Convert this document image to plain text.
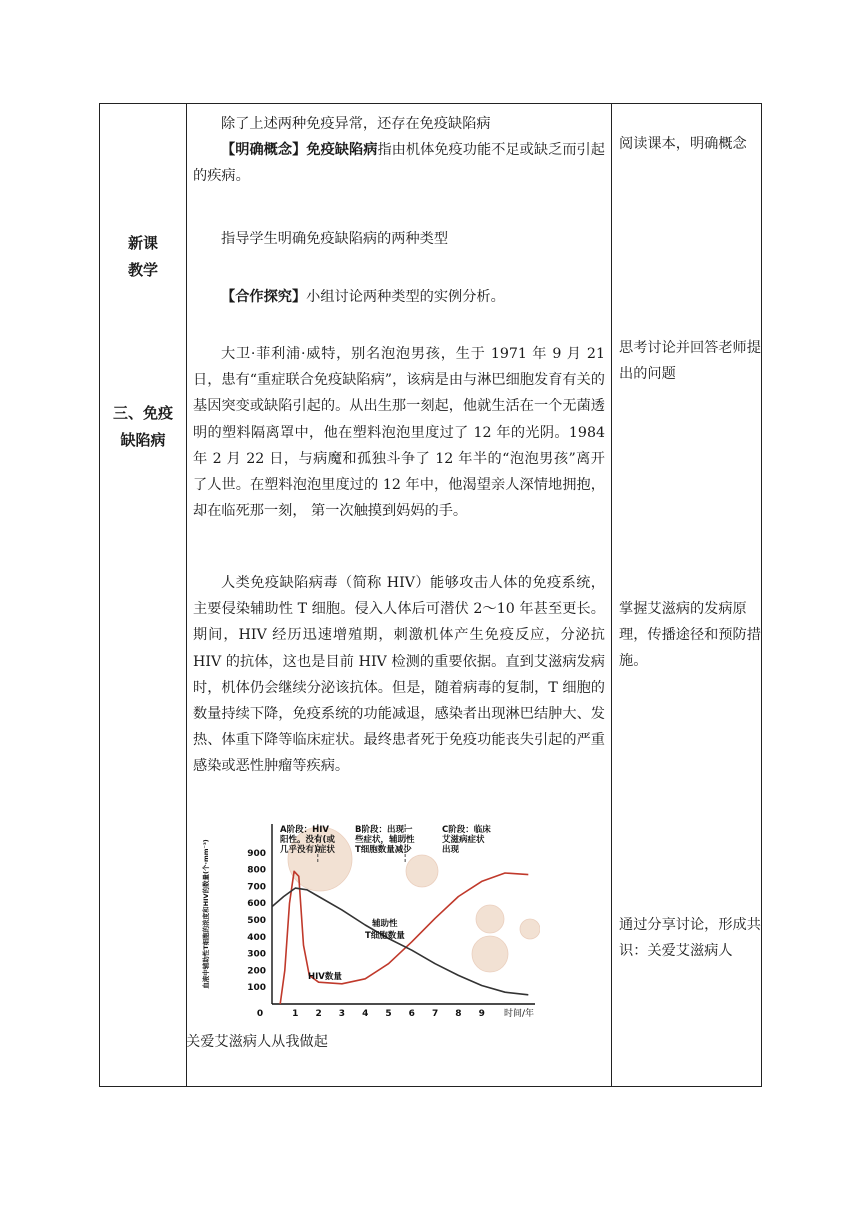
新课
教学
三、免疫
缺陷病

除了上述两种免疫异常，还存在免疫缺陷病

【明确概念】免疫缺陷病指由机体免疫功能不足或缺乏而引起的疾病。

指导学生明确免疫缺陷病的两种类型

【合作探究】小组讨论两种类型的实例分析。

大卫·菲利浦·威特，别名泡泡男孩，生于 1971 年 9 月 21 日，患有“重症联合免疫缺陷病”，该病是由与淋巴细胞发育有关的基因突变或缺陷引起的。从出生那一刻起，他就生活在一个无菌透明的塑料隔离罩中，他在塑料泡泡里度过了 12 年的光阴。1984 年 2 月 22 日，与病魔和孤独斗争了 12 年半的“泡泡男孩”离开了人世。在塑料泡泡里度过的 12 年中，他渴望亲人深情地拥抱，却在临死那一刻， 第一次触摸到妈妈的手。

人类免疫缺陷病毒（简称 HIV）能够攻击人体的免疫系统，主要侵染辅助性 T 细胞。侵入人体后可潜伏 2～10 年甚至更长。期间，HIV 经历迅速增殖期，刺激机体产生免疫反应，分泌抗 HIV 的抗体，这也是目前 HIV 检测的重要依据。直到艾滋病发病时，机体仍会继续分泌该抗体。但是，随着病毒的复制，T 细胞的数量持续下降，免疫系统的功能减退，感染者出现淋巴结肿大、发热、体重下降等临床症状。最终患者死于免疫功能丧失引起的严重感染或恶性肿瘤等疾病。

100
200
300
400
500
600
700
800
900
0	1 2 3 4 5 6 7 8 9 时间/年
血液中辅助性T细胞的浓度和HIV的数量(个·mm⁻³)
A阶段：HIV
阳性。没有(或
几乎没有)症状
B阶段：出现一
些症状，辅助性
T细胞数量减少
C阶段：临床
艾滋病症状
出现
辅助性
T细胞数量
HIV数量

关爱艾滋病人从我做起

阅读课本，明确概念

思考讨论并回答老师提出的问题

掌握艾滋病的发病原理，传播途径和预防措施。

通过分享讨论，形成共识：关爱艾滋病人
